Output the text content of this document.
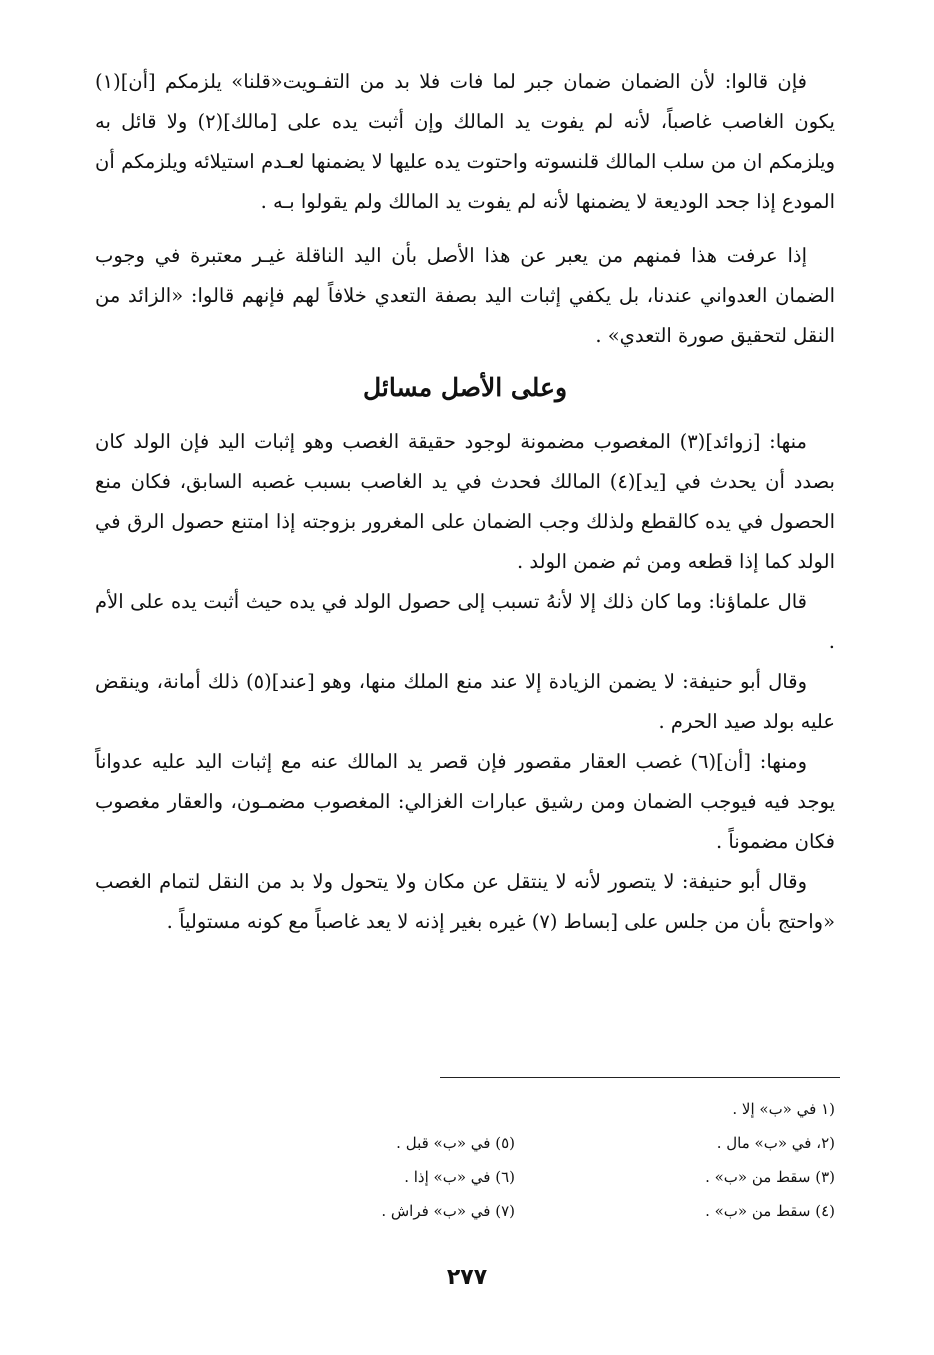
فإن قالوا: لأن الضمان ضمان جبر لما فات فلا بد من التفـويت«قلنا» يلزمكم [أن](١) يكون الغاصب غاصباً، لأنه لم يفوت يد المالك وإن أثبت يده على [مالك](٢) ولا قائل به ويلزمكم ان من سلب المالك قلنسوته واحتوت يده عليها لا يضمنها لعـدم استيلائه ويلزمكم أن المودع إذا جحد الوديعة لا يضمنها لأنه لم يفوت يد المالك ولم يقولوا بـه .

إذا عرفت هذا فمنهم من يعبر عن هذا الأصل بأن اليد الناقلة غيـر معتبرة في وجوب الضمان العدواني عندنا، بل يكفي إثبات اليد بصفة التعدي خلافاً لهم فإنهم قالوا: «الزائد من النقل لتحقيق صورة التعدي» .

وعلى الأصل مسائل

منها: [زوائد](٣) المغصوب مضمونة لوجود حقيقة الغصب وهو إثبات اليد فإن الولد كان بصدد أن يحدث في [يد](٤) المالك فحدث في يد الغاصب بسبب غصبه السابق، فكان منع الحصول في يده كالقطع ولذلك وجب الضمان على المغرور بزوجته إذا امتنع حصول الرق في الولد كما إذا قطعه ومن ثم ضمن الولد .

قال علماؤنا: وما كان ذلك إلا لأنهُ تسبب إلى حصول الولد في يده حيث أثبت يده على الأم .

وقال أبو حنيفة: لا يضمن الزيادة إلا عند منع الملك منها، وهو [عند](٥) ذلك أمانة، وينقض عليه بولد صيد الحرم .

ومنها: [أن](٦) غصب العقار مقصور فإن قصر يد المالك عنه مع إثبات اليد عليه عدواناً يوجد فيه فيوجب الضمان ومن رشيق عبارات الغزالي: المغصوب مضمـون، والعقار مغصوب فكان مضموناً .

وقال أبو حنيفة: لا يتصور لأنه لا ينتقل عن مكان ولا يتحول ولا بد من النقل لتمام الغصب «واحتج بأن من جلس على [بساط (٧) غيره بغير إذنه لا يعد غاصباً مع كونه مستولياً .

(١ في «ب» إلا .
(٢، في «ب» مال .
(٣) سقط من «ب» .
(٤) سقط من «ب» .

(٥) في «ب» قبل .
(٦) في «ب» إذا .
(٧) في «ب» فراش .
٢٧٧
